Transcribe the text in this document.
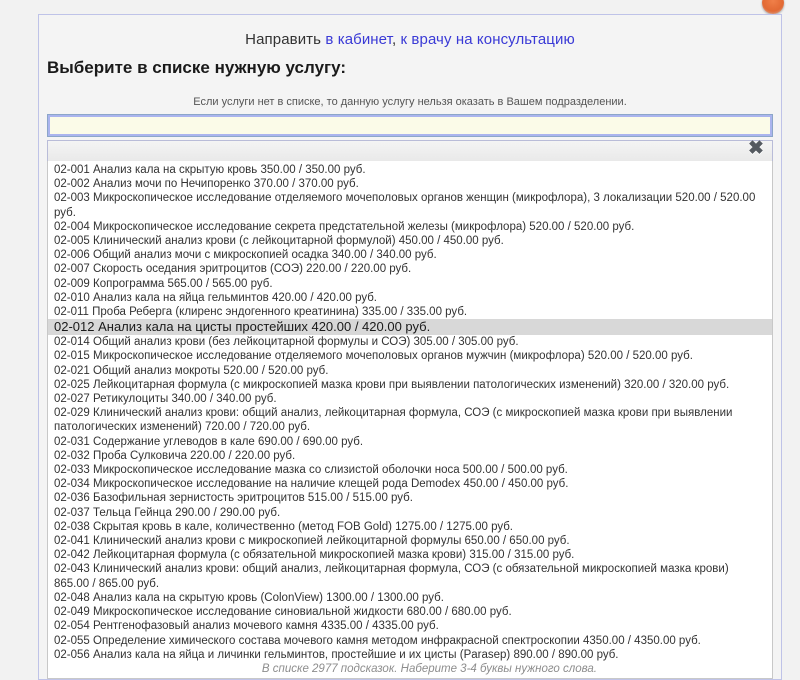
Направить в кабинет, к врачу на консультацию
Выберите в списке нужную услугу:
Если услуги нет в списке, то данную услугу нельзя оказать в Вашем подразделении.
✖
02-001 Анализ кала на скрытую кровь 350.00 / 350.00 руб.
02-002 Анализ мочи по Нечипоренко 370.00 / 370.00 руб.
02-003 Микроскопическое исследование отделяемого мочеполовых органов женщин (микрофлора), 3 локализации 520.00 / 520.00 руб.
02-004 Микроскопическое исследование секрета предстательной железы (микрофлора) 520.00 / 520.00 руб.
02-005 Клинический анализ крови (с лейкоцитарной формулой) 450.00 / 450.00 руб.
02-006 Общий анализ мочи с микроскопией осадка 340.00 / 340.00 руб.
02-007 Скорость оседания эритроцитов (СОЭ) 220.00 / 220.00 руб.
02-009 Копрограмма 565.00 / 565.00 руб.
02-010 Анализ кала на яйца гельминтов 420.00 / 420.00 руб.
02-011 Проба Реберга (клиренс эндогенного креатинина) 335.00 / 335.00 руб.
02-012 Анализ кала на цисты простейших 420.00 / 420.00 руб.
02-014 Общий анализ крови (без лейкоцитарной формулы и СОЭ) 305.00 / 305.00 руб.
02-015 Микроскопическое исследование отделяемого мочеполовых органов мужчин (микрофлора) 520.00 / 520.00 руб.
02-021 Общий анализ мокроты 520.00 / 520.00 руб.
02-025 Лейкоцитарная формула (с микроскопией мазка крови при выявлении патологических изменений) 320.00 / 320.00 руб.
02-027 Ретикулоциты 340.00 / 340.00 руб.
02-029 Клинический анализ крови: общий анализ, лейкоцитарная формула, СОЭ (с микроскопией мазка крови при выявлении патологических изменений) 720.00 / 720.00 руб.
02-031 Содержание углеводов в кале 690.00 / 690.00 руб.
02-032 Проба Сулковича 220.00 / 220.00 руб.
02-033 Микроскопическое исследование мазка со слизистой оболочки носа 500.00 / 500.00 руб.
02-034 Микроскопическое исследование на наличие клещей рода Demodex 450.00 / 450.00 руб.
02-036 Базофильная зернистость эритроцитов 515.00 / 515.00 руб.
02-037 Тельца Гейнца 290.00 / 290.00 руб.
02-038 Скрытая кровь в кале, количественно (метод FOB Gold) 1275.00 / 1275.00 руб.
02-041 Клинический анализ крови с микроскопией лейкоцитарной формулы 650.00 / 650.00 руб.
02-042 Лейкоцитарная формула (с обязательной микроскопией мазка крови) 315.00 / 315.00 руб.
02-043 Клинический анализ крови: общий анализ, лейкоцитарная формула, СОЭ (с обязательной микроскопией мазка крови) 865.00 / 865.00 руб.
02-048 Анализ кала на скрытую кровь (ColonView) 1300.00 / 1300.00 руб.
02-049 Микроскопическое исследование синовиальной жидкости 680.00 / 680.00 руб.
02-054 Рентгенофазовый анализ мочевого камня 4335.00 / 4335.00 руб.
02-055 Определение химического состава мочевого камня методом инфракрасной спектроскопии 4350.00 / 4350.00 руб.
02-056 Анализ кала на яйца и личинки гельминтов, простейшие и их цисты (Parasep) 890.00 / 890.00 руб.
В списке 2977 подсказок. Наберите 3-4 буквы нужного слова.
